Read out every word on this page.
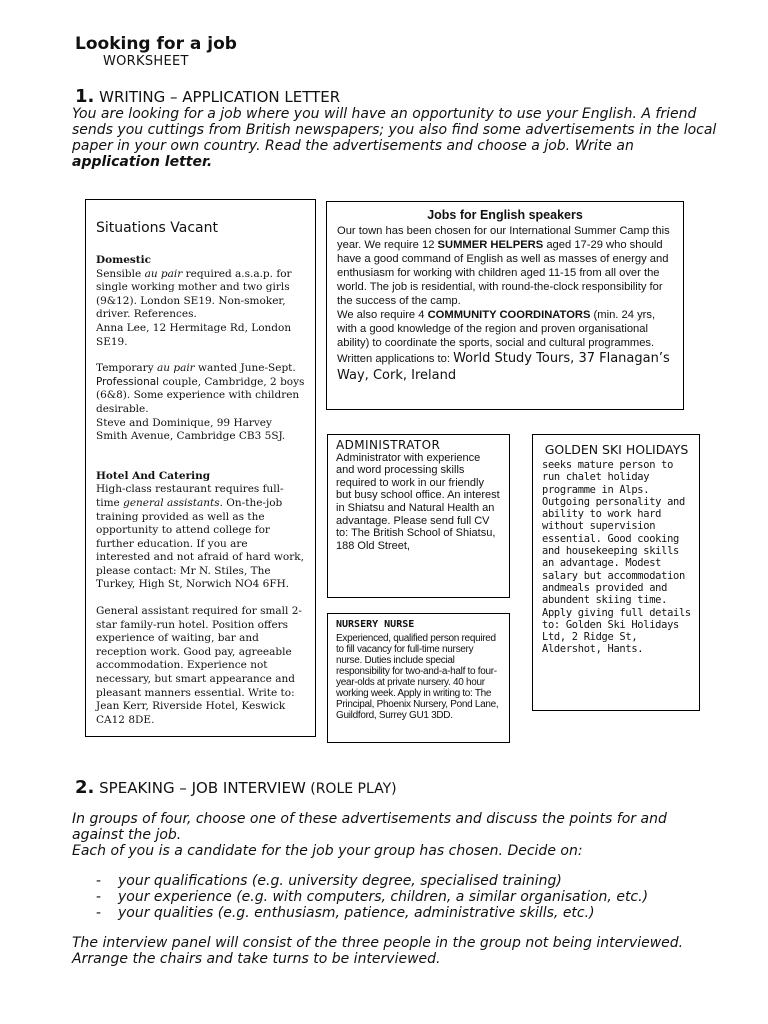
Looking for a job
WORKSHEET
1. WRITING – APPLICATION LETTER
You are looking for a job where you will have an opportunity to use your English. A friend sends you cuttings from British newspapers; you also find some advertisements in the local paper in your own country. Read the advertisements and choose a job. Write an application letter.
Situations Vacant

Domestic

Sensible au pair required a.s.a.p. for single working mother and two girls (9&12). London SE19. Non-smoker, driver. References.

Anna Lee, 12 Hermitage Rd, London SE19.

Temporary au pair wanted June-Sept. Professional couple, Cambridge, 2 boys (6&8). Some experience with children desirable.

Steve and Dominique, 99 Harvey Smith Avenue, Cambridge CB3 5SJ.

Hotel And Catering

High-class restaurant requires full-time general assistants. On-the-job training provided as well as the opportunity to attend college for further education. If you are interested and not afraid of hard work, please contact: Mr N. Stiles, The Turkey, High St, Norwich NO4 6FH.

General assistant required for small 2-star family-run hotel. Position offers experience of waiting, bar and reception work. Good pay, agreeable accommodation. Experience not necessary, but smart appearance and pleasant manners essential. Write to: Jean Kerr, Riverside Hotel, Keswick CA12 8DE.

Jobs for English speakers

Our town has been chosen for our International Summer Camp this year. We require 12 SUMMER HELPERS aged 17-29 who should have a good command of English as well as masses of energy and enthusiasm for working with children aged 11-15 from all over the world. The job is residential, with round-the-clock responsibility for the success of the camp.

We also require 4 COMMUNITY COORDINATORS (min. 24 yrs, with a good knowledge of the region and proven organisational ability) to coordinate the sports, social and cultural programmes.

Written applications to: World Study Tours, 37 Flanagan’s Way, Cork, Ireland

ADMINISTRATOR
Administrator with experience and word processing skills required to work in our friendly but busy school office. An interest in Shiatsu and Natural Health an advantage. Please send full CV to: The British School of Shiatsu, 188 Old Street,

NURSERY NURSE

Experienced, qualified person required to fill vacancy for full-time nursery nurse. Duties include special responsibility for two-and-a-half to four-year-olds at private nursery. 40 hour working week. Apply in writing to: The Principal, Phoenix Nursery, Pond Lane, Guildford, Surrey GU1 3DD.

GOLDEN SKI HOLIDAYS

seeks mature person to run chalet holiday programme in Alps. Outgoing personality and ability to work hard without supervision essential. Good cooking and housekeeping skills an advantage. Modest salary but accommodation andmeals provided and abundent skiing time. Apply giving full details to: Golden Ski Holidays Ltd, 2 Ridge St, Aldershot, Hants.

2. SPEAKING – JOB INTERVIEW (ROLE PLAY)

In groups of four, choose one of these advertisements and discuss the points for and against the job.

Each of you is a candidate for the job your group has chosen. Decide on:

- your qualifications (e.g. university degree, specialised training)
- your experience (e.g. with computers, children, a similar organisation, etc.)
- your qualities (e.g. enthusiasm, patience, administrative skills, etc.)

The interview panel will consist of the three people in the group not being interviewed. Arrange the chairs and take turns to be interviewed.
